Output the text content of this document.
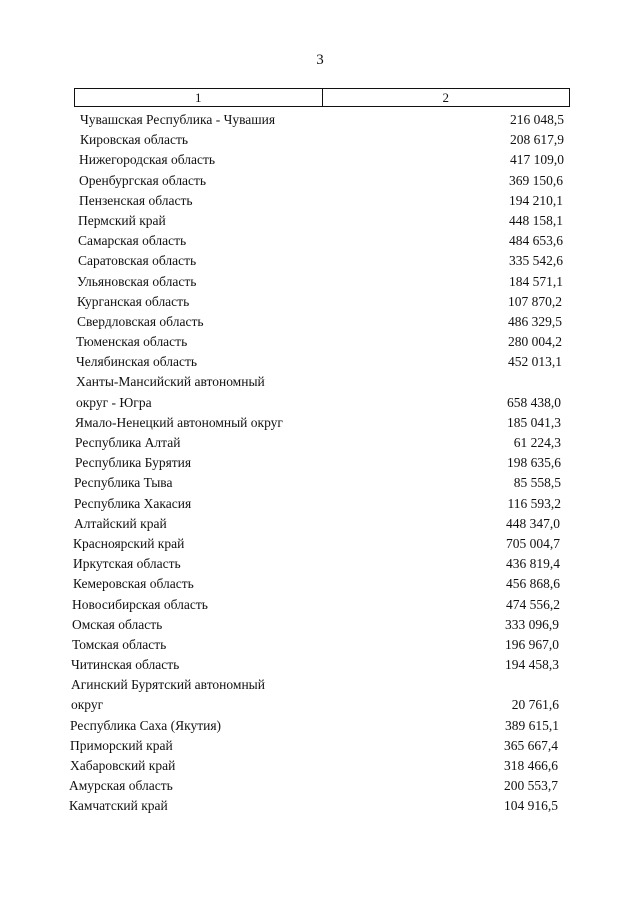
3
1	2
Чувашская Республика - Чувашия	216 048,5
Кировская область	208 617,9
Нижегородская область	417 109,0
Оренбургская область	369 150,6
Пензенская область	194 210,1
Пермский край	448 158,1
Самарская область	484 653,6
Саратовская область	335 542,6
Ульяновская область	184 571,1
Курганская область	107 870,2
Свердловская область	486 329,5
Тюменская область	280 004,2
Челябинская область	452 013,1
Ханты-Мансийский автономный
округ - Югра	658 438,0
Ямало-Ненецкий автономный округ	185 041,3
Республика Алтай	61 224,3
Республика Бурятия	198 635,6
Республика Тыва	85 558,5
Республика Хакасия	116 593,2
Алтайский край	448 347,0
Красноярский край	705 004,7
Иркутская область	436 819,4
Кемеровская область	456 868,6
Новосибирская область	474 556,2
Омская область	333 096,9
Томская область	196 967,0
Читинская область	194 458,3
Агинский Бурятский автономный
округ	20 761,6
Республика Саха (Якутия)	389 615,1
Приморский край	365 667,4
Хабаровский край	318 466,6
Амурская область	200 553,7
Камчатский край	104 916,5
